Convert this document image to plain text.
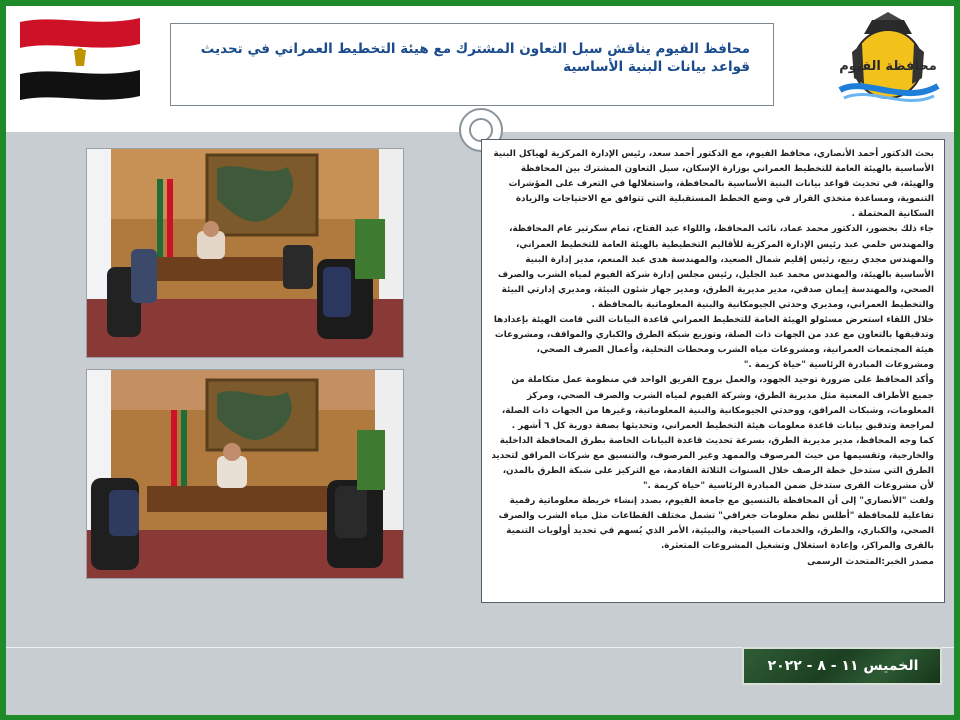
محافظة الفيوم
محافظ الفيوم يناقش سبل التعاون المشترك مع هيئة التخطيط العمراني في تحديث قواعد بيانات البنية الأساسية

بحث الدكتور أحمد الأنصاري، محافظ الفيوم، مع الدكتور أحمد سعد، رئيس الإدارة المركزية لهياكل البنية الأساسية بالهيئة العامة للتخطيط العمراني بوزارة الإسكان، سبل التعاون المشترك بين المحافظة والهيئة، في تحديث قواعد بيانات البنية الأساسية بالمحافظة، واستغلالها في التعرف على المؤشرات التنموية، ومساعدة متخذي القرار في وضع الخطط المستقبلية التي تتوافق مع الاحتياجات والزيادة السكانية المحتملة .

جاء ذلك بحضور، الدكتور محمد عماد، نائب المحافظ، واللواء عبد الفتاح، تمام سكرتير عام المحافظة، والمهندس حلمي عبد رئيس الإدارة المركزية للأقاليم التخطيطية بالهيئة العامة للتخطيط العمراني، والمهندس مجدي ربيع، رئيس إقليم شمال الصعيد، والمهندسة هدى عبد المنعم، مدير إدارة البنية الأساسية بالهيئة، والمهندس محمد عبد الجليل، رئيس مجلس إدارة شركة الفيوم لمياه الشرب والصرف الصحي، والمهندسة إيمان صدقي، مدير مديرية الطرق، ومدير جهاز شئون البيئة، ومديري إدارتي البيئة والتخطيط العمراني، ومديري وحدتي الجيومكانية والبنية المعلوماتية بالمحافظة .

خلال اللقاء استعرض مسئولو الهيئة العامة للتخطيط العمراني قاعدة البيانات التي قامت الهيئة بإعدادها وتدقيقها بالتعاون مع عدد من الجهات ذات الصلة، وتوزيع شبكة الطرق والكباري والمواقف، ومشروعات هيئة المجتمعات العمرانية، ومشروعات مياه الشرب ومحطات التحلية، وأعمال الصرف الصحي، ومشروعات المبادرة الرئاسية "حياة كريمة ."

وأكد المحافظ على ضرورة توحيد الجهود، والعمل بروح الفريق الواحد في منظومة عمل متكاملة من جميع الأطراف المعنية مثل مديرية الطرق، وشركة الفيوم لمياه الشرب والصرف الصحي، ومركز المعلومات، وشبكات المرافق، ووحدتي الجيومكانية والبنية المعلوماتية، وغيرها من الجهات ذات الصلة، لمراجعة وتدقيق بيانات قاعدة معلومات هيئة التخطيط العمراني، وتحديثها بصفة دورية كل ٦ أشهر .

كما وجه المحافظ، مدير مديرية الطرق، بسرعة تحديث قاعدة البيانات الخاصة بطرق المحافظة الداخلية والخارجية، وتقسيمها من حيث المرصوف والممهد وغير المرصوف، والتنسيق مع شركات المرافق لتحديد الطرق التي ستدخل خطة الرصف خلال السنوات الثلاثة القادمة، مع التركيز على شبكة الطرق بالمدن، لأن مشروعات القرى ستدخل ضمن المبادرة الرئاسية "حياة كريمة ."

ولفت "الأنصاري" إلى أن المحافظة بالتنسيق مع جامعة الفيوم، بصدد إنشاء خريطة معلوماتية رقمية تفاعلية للمحافظة "أطلس نظم معلومات جغرافي" تشمل مختلف القطاعات مثل مياه الشرب والصرف الصحي، والكباري، والطرق، والخدمات السياحية، والبيئية، الأمر الذي يُسهم في تحديد أولويات التنمية بالقرى والمراكز، وإعادة استغلال وتشغيل المشروعات المتعثرة.

مصدر الخبر:المتحدث الرسمى

الخميس ١١ - ٨ - ٢٠٢٢
